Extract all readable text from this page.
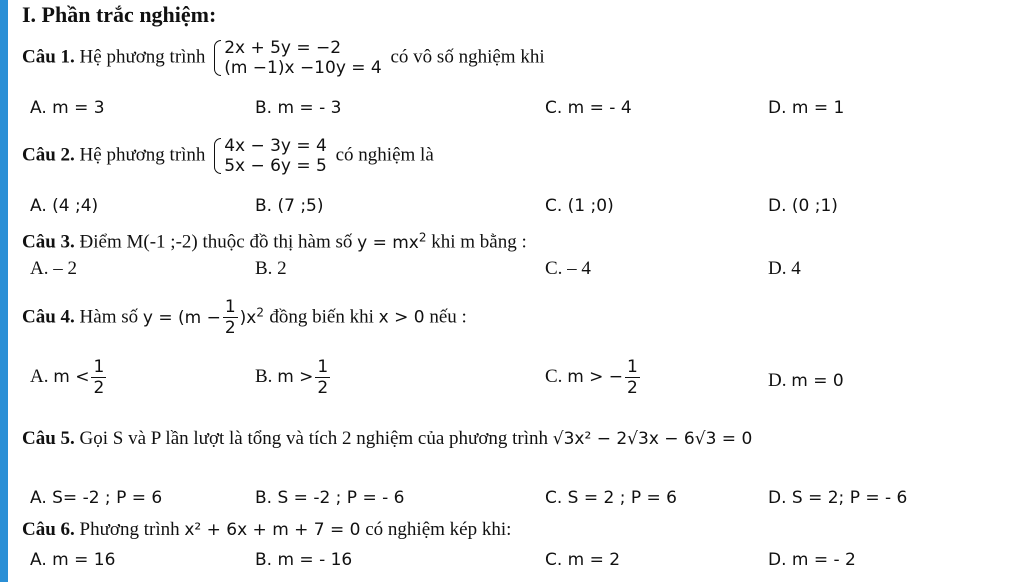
I. Phần trắc nghiệm:
Câu 1. Hệ phương trình 2x + 5y = −2
(m −1)x −10y = 4
có vô số nghiệm khi
A. m = 3	B. m = - 3	C. m = - 4	D. m = 1
Câu 2. Hệ phương trình 4x − 3y = 4
5x − 6y = 5
có nghiệm là
A. (4 ;4)	B. (7 ;5)	C. (1 ;0)	D. (0 ;1)
Câu 3. Điểm M(-1 ;-2) thuộc đồ thị hàm số $y = mx^2$ khi m bằng :
A. – 2	B. 2	C. – 4	D. 4
Câu 4. Hàm số $y = (m - \frac{1}{2} )x^2$ đồng biến khi x > 0 nếu :
A. $m < \frac{1}{2}$	B. $m > \frac{1}{2}$	C. m > − $\frac{1}{2}$	D. m = 0
Câu 5. Gọi S và P lần lượt là tổng và tích 2 nghiệm của phương trình √3x² − 2√3x − 6√3 = 0
A. S= -2 ; P = 6	B. S = -2 ; P = - 6	C. S = 2 ; P = 6	D. S = 2; P = - 6
Câu 6. Phương trình x² + 6x + m + 7 = 0 có nghiệm kép khi:
A. m = 16	B. m = - 16	C. m = 2	D. m = - 2
